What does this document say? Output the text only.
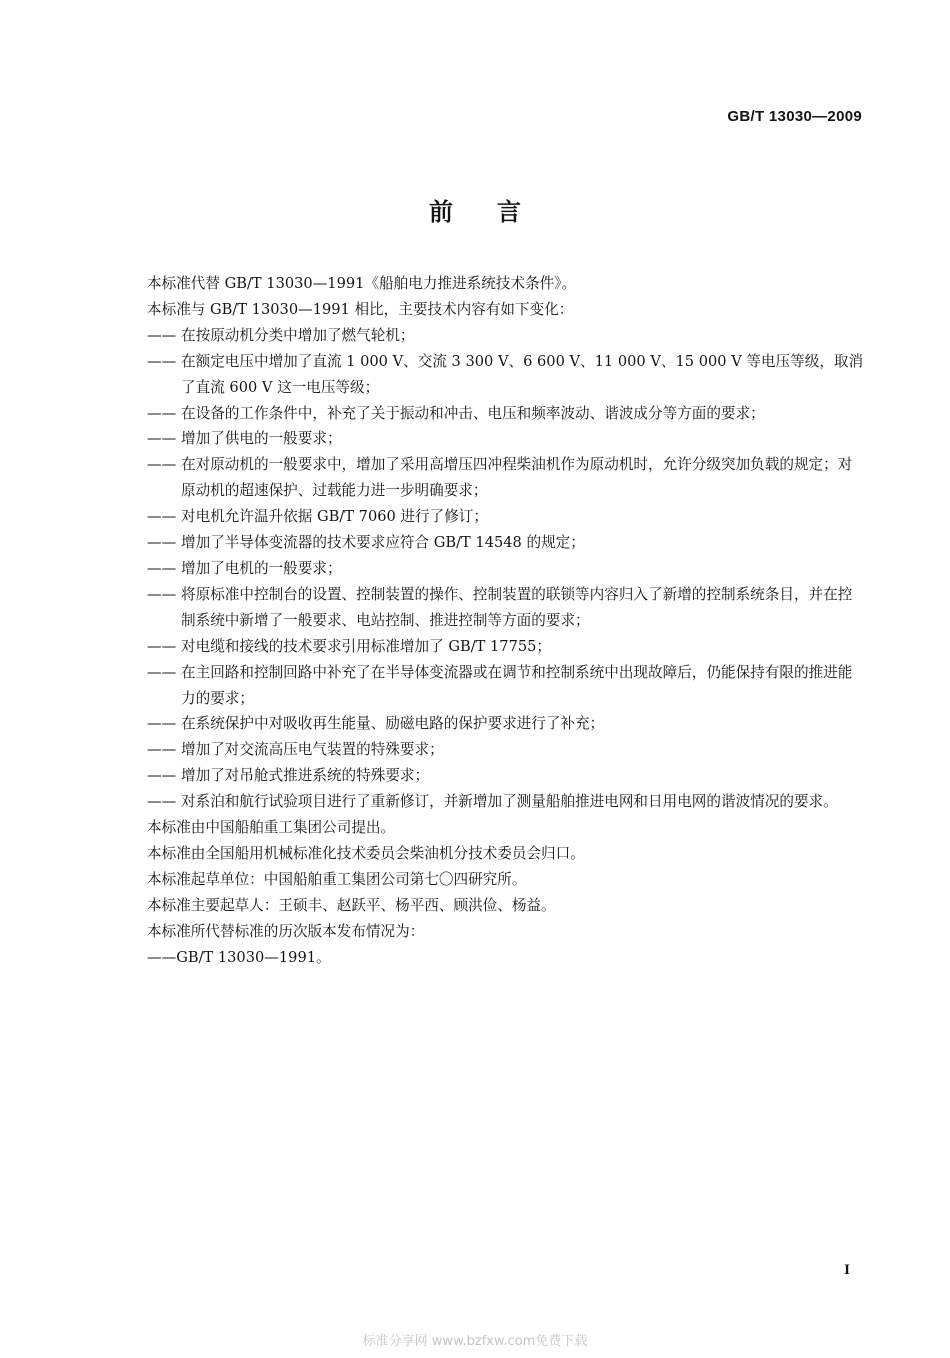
GB/T 13030—2009
前言

本标准代替 GB/T 13030—1991《船舶电力推进系统技术条件》。

本标准与 GB/T 13030—1991 相比，主要技术内容有如下变化：

—— 在按原动机分类中增加了燃气轮机；

—— 在额定电压中增加了直流 1 000 V、交流 3 300 V、6 600 V、11 000 V、15 000 V 等电压等级，取消了直流 600 V 这一电压等级；

—— 在设备的工作条件中，补充了关于振动和冲击、电压和频率波动、谐波成分等方面的要求；

—— 增加了供电的一般要求；

—— 在对原动机的一般要求中，增加了采用高增压四冲程柴油机作为原动机时，允许分级突加负载的规定；对原动机的超速保护、过载能力进一步明确要求；

—— 对电机允许温升依据 GB/T 7060 进行了修订；

—— 增加了半导体变流器的技术要求应符合 GB/T 14548 的规定；

—— 增加了电机的一般要求；

—— 将原标准中控制台的设置、控制装置的操作、控制装置的联锁等内容归入了新增的控制系统条目，并在控制系统中新增了一般要求、电站控制、推进控制等方面的要求；

—— 对电缆和接线的技术要求引用标准增加了 GB/T 17755；

—— 在主回路和控制回路中补充了在半导体变流器或在调节和控制系统中出现故障后，仍能保持有限的推进能力的要求；

—— 在系统保护中对吸收再生能量、励磁电路的保护要求进行了补充；

—— 增加了对交流高压电气装置的特殊要求；

—— 增加了对吊舱式推进系统的特殊要求；

—— 对系泊和航行试验项目进行了重新修订，并新增加了测量船舶推进电网和日用电网的谐波情况的要求。

本标准由中国船舶重工集团公司提出。

本标准由全国船用机械标准化技术委员会柴油机分技术委员会归口。

本标准起草单位：中国船舶重工集团公司第七〇四研究所。

本标准主要起草人：王硕丰、赵跃平、杨平西、顾洪俭、杨益。

本标准所代替标准的历次版本发布情况为：

——GB/T 13030—1991。

I
标准分享网 www.bzfxw.com免费下载
